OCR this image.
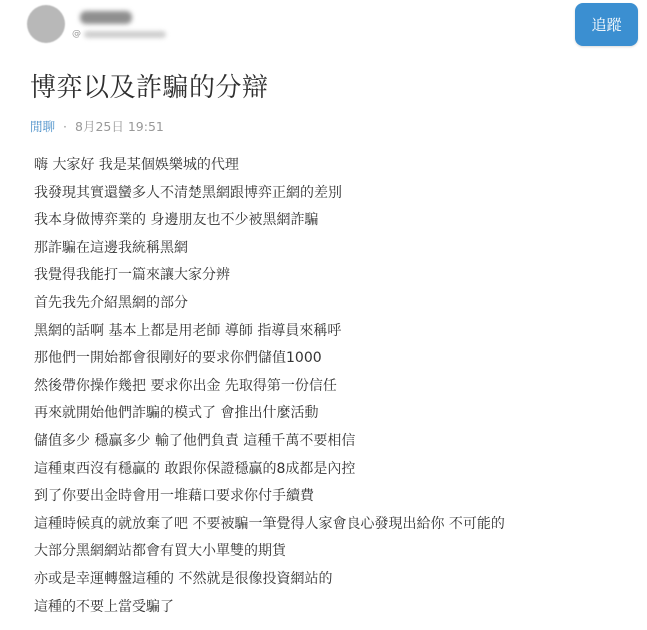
@	追蹤
博弈以及詐騙的分辯
閒聊 · 8月25日 19:51
嗨 大家好 我是某個娛樂城的代理
我發現其實還蠻多人不清楚黑網跟博弈正網的差別
我本身做博弈業的 身邊朋友也不少被黑網詐騙
那詐騙在這邊我統稱黑網
我覺得我能打一篇來讓大家分辨
首先我先介紹黑網的部分
黑網的話啊 基本上都是用老師 導師 指導員來稱呼
那他們一開始都會很剛好的要求你們儲值1000
然後帶你操作幾把 要求你出金 先取得第一份信任
再來就開始他們詐騙的模式了 會推出什麼活動
儲值多少 穩贏多少 輸了他們負責 這種千萬不要相信
這種東西沒有穩贏的 敢跟你保證穩贏的8成都是內控
到了你要出金時會用一堆藉口要求你付手續費
這種時候真的就放棄了吧 不要被騙一筆覺得人家會良心發現出給你 不可能的
大部分黑網網站都會有買大小單雙的期貨
亦或是幸運轉盤這種的 不然就是很像投資網站的
這種的不要上當受騙了
